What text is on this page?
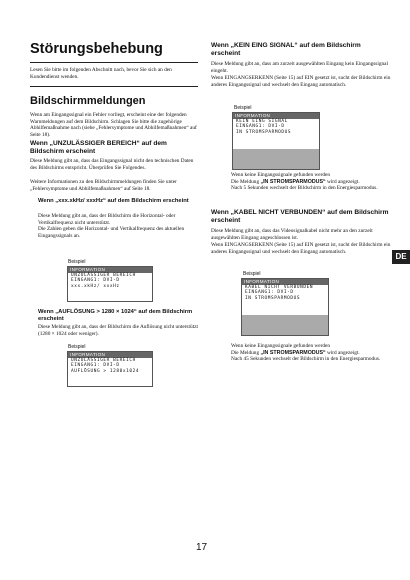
Störungsbehebung
Lesen Sie bitte im folgenden Abschnitt nach, bevor Sie sich an den Kundendienst wenden.
Bildschirmmeldungen
Wenn am Eingangssignal ein Fehler vorliegt, erscheint eine der folgenden Warnmeldungen auf dem Bildschirm. Schlagen Sie bitte die zugehörige Abhilfemaßnahme nach (siehe „Fehlersymptome und Abhilfemaßnahmen“ auf Seite 18).
Wenn „UNZULÄSSIGER BEREICH“ auf dem Bildschirm erscheint
Diese Meldung gibt an, dass das Eingangssignal nicht den technischen Daten des Bildschirms entspricht. Überprüfen Sie Folgendes.
Weitere Informationen zu den Bildschirmmeldungen finden Sie unter „Fehlersymptome und Abhilfemaßnahmen“ auf Seite 18.
Wenn „xxx.xkHz/ xxxHz“ auf dem Bildschirm erscheint
Diese Meldung gibt an, dass der Bildschirm die Horizontal- oder Vertikalfrequenz nicht unterstützt.
Die Zahlen geben die Horizontal- und Vertikalfrequenz des aktuellen Eingangssignals an.
Beispiel
INFORMATION
UNZULÄSSIGER BEREICH
EINGANG1: DVI-D
xxx.xkHz/ xxxHz
Wenn „AUFLÖSUNG > 1280 × 1024“ auf dem Bildschirm erscheint
Diese Meldung gibt an, dass der Bildschirm die Auflösung nicht unterstützt (1280 × 1024 oder weniger).
Beispiel
INFORMATION
UNZULÄSSIGER BEREICH
EINGANG1: DVI-D
AUFLÖSUNG > 1280x1024
Wenn „KEIN EING SIGNAL“ auf dem Bildschirm erscheint
Diese Meldung gibt an, dass am zurzeit ausgewählten Eingang kein Eingangssignal eingeht.
Wenn EINGANGSERKENN (Seite 15) auf EIN gesetzt ist, sucht der Bildschirm ein anderes Eingangssignal und wechselt den Eingang automatisch.
Beispiel
INFORMATION
KEIN EING SIGNAL
EINGANG1: DVI-D
IN STROMSPARMODUS
Wenn keine Eingangssignale gefunden werden
Die Meldung „IN STROMSPARMODUS“ wird angezeigt.
Nach 5 Sekunden wechselt der Bildschirm in den Energiesparmodus.
Wenn „KABEL NICHT VERBUNDEN“ auf dem Bildschirm erscheint
Diese Meldung gibt an, dass das Videosignalkabel nicht mehr an den zurzeit ausgewählten Eingang angeschlossen ist.
Wenn EINGANGSERKENN (Seite 15) auf EIN gesetzt ist, sucht der Bildschirm ein anderes Eingangssignal und wechselt den Eingang automatisch.
Beispiel
INFORMATION
KABEL NICHT VERBUNDEN
EINGANG1: DVI-D
IN STROMSPARMODUS
Wenn keine Eingangssignale gefunden werden
Die Meldung „IN STROMSPARMODUS“ wird angezeigt.
Nach 45 Sekunden wechselt der Bildschirm in den Energiesparmodus.
DE
17
